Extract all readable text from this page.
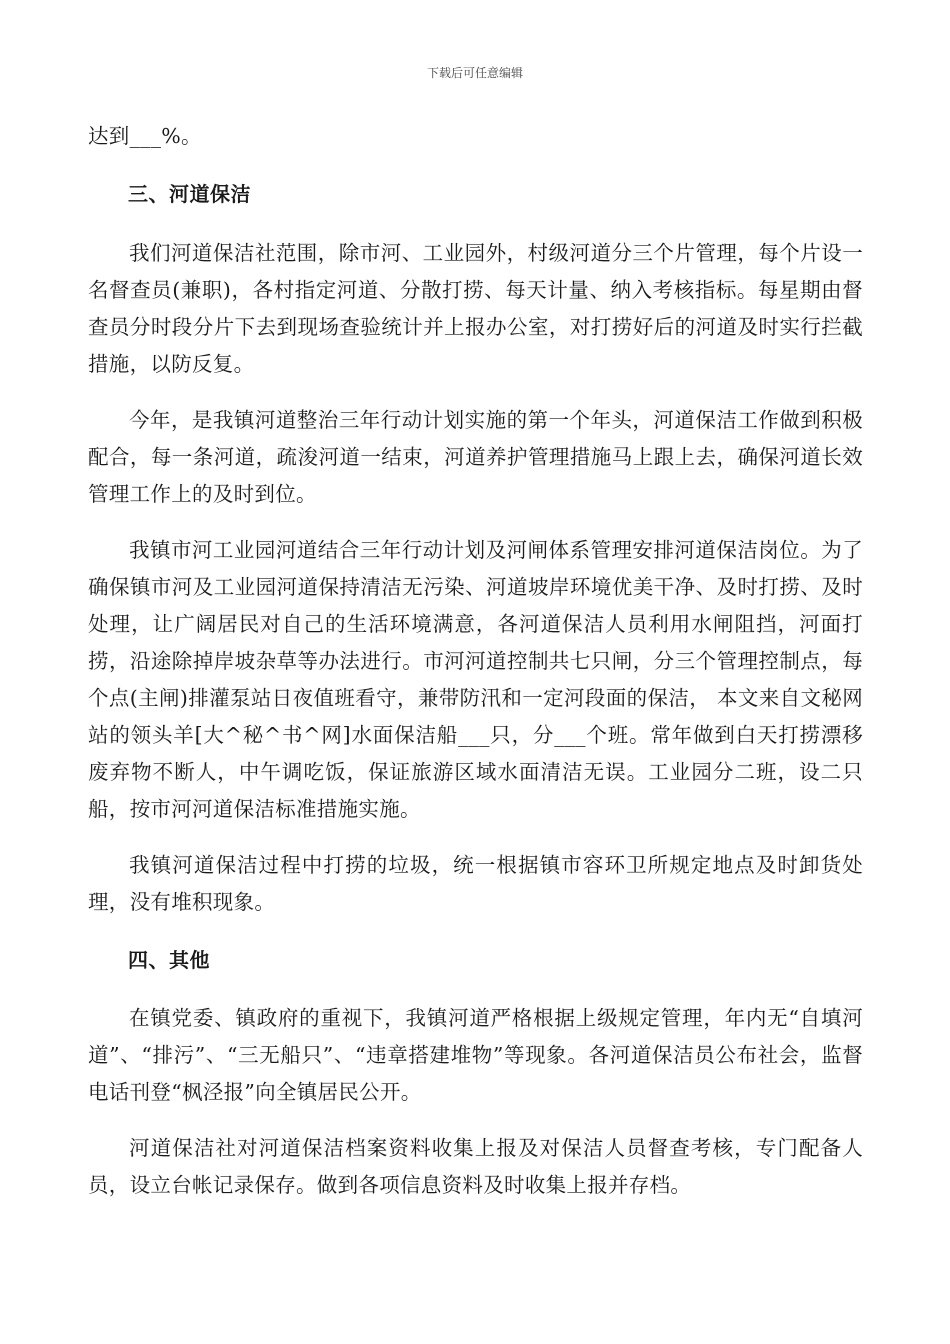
下载后可任意编辑

达到___%。

三、河道保洁

我们河道保洁社范围，除市河、工业园外，村级河道分三个片管理，每个片设一名督查员(兼职)，各村指定河道、分散打捞、每天计量、纳入考核指标。每星期由督查员分时段分片下去到现场查验统计并上报办公室，对打捞好后的河道及时实行拦截措施，以防反复。

今年，是我镇河道整治三年行动计划实施的第一个年头，河道保洁工作做到积极配合，每一条河道，疏浚河道一结束，河道养护管理措施马上跟上去，确保河道长效管理工作上的及时到位。

我镇市河工业园河道结合三年行动计划及河闸体系管理安排河道保洁岗位。为了确保镇市河及工业园河道保持清洁无污染、河道坡岸环境优美干净、及时打捞、及时处理，让广阔居民对自己的生活环境满意，各河道保洁人员利用水闸阻挡，河面打捞，沿途除掉岸坡杂草等办法进行。市河河道控制共七只闸，分三个管理控制点，每个点(主闸)排灌泵站日夜值班看守，兼带防汛和一定河段面的保洁， 本文来自文秘网站的领头羊[大^秘^书^网]水面保洁船___只，分___个班。常年做到白天打捞漂移废弃物不断人，中午调吃饭，保证旅游区域水面清洁无误。工业园分二班，设二只船，按市河河道保洁标准措施实施。

我镇河道保洁过程中打捞的垃圾，统一根据镇市容环卫所规定地点及时卸货处理，没有堆积现象。

四、其他

在镇党委、镇政府的重视下，我镇河道严格根据上级规定管理，年内无“自填河道”、“排污”、“三无船只”、“违章搭建堆物”等现象。各河道保洁员公布社会，监督电话刊登“枫泾报”向全镇居民公开。

河道保洁社对河道保洁档案资料收集上报及对保洁人员督查考核，专门配备人员，设立台帐记录保存。做到各项信息资料及时收集上报并存档。
